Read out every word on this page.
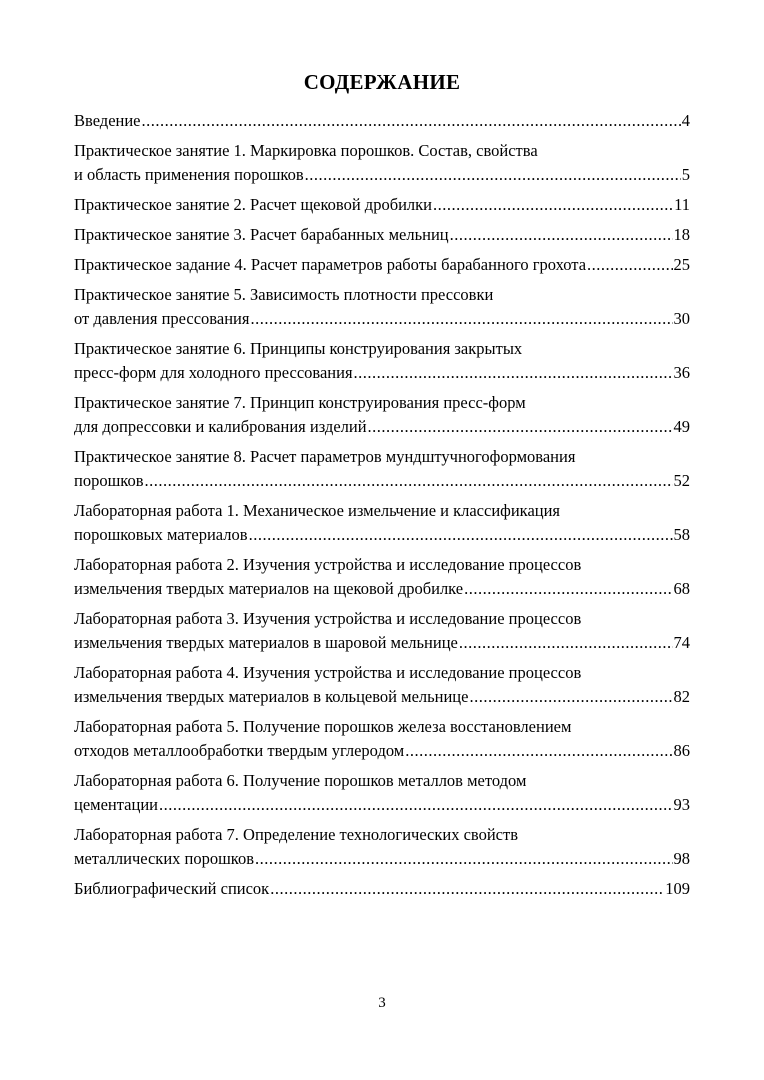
СОДЕРЖАНИЕ
Введение .....	4
Практическое занятие 1. Маркировка порошков. Состав, свойства
и область применения порошков .....	5
Практическое занятие 2. Расчет щековой дробилки .....	11
Практическое занятие 3. Расчет барабанных мельниц .....	18
Практическое задание 4. Расчет параметров работы барабанного грохота .....	25
Практическое занятие 5. Зависимость плотности прессовки
от давления прессования .....	30
Практическое занятие 6. Принципы конструирования закрытых
пресс-форм для холодного прессования .....	36
Практическое занятие 7. Принцип конструирования пресс-форм
для допрессовки и калибрования изделий .....	49
Практическое занятие 8. Расчет параметров мундштучногоформования
порошков .....	52
Лабораторная работа 1. Механическое измельчение и классификация
порошковых материалов .....	58
Лабораторная работа 2. Изучения устройства и исследование процессов
измельчения твердых материалов на щековой дробилке .....	68
Лабораторная работа 3. Изучения устройства и исследование процессов
измельчения твердых материалов в шаровой мельнице .....	74
Лабораторная работа 4. Изучения устройства и исследование процессов
измельчения твердых материалов в кольцевой мельнице .....	82
Лабораторная работа 5. Получение порошков железа восстановлением
отходов металлообработки твердым углеродом .....	86
Лабораторная работа 6. Получение порошков металлов методом
цементации .....	93
Лабораторная работа 7. Определение технологических свойств
металлических порошков .....	98
Библиографический список .....	109
3
